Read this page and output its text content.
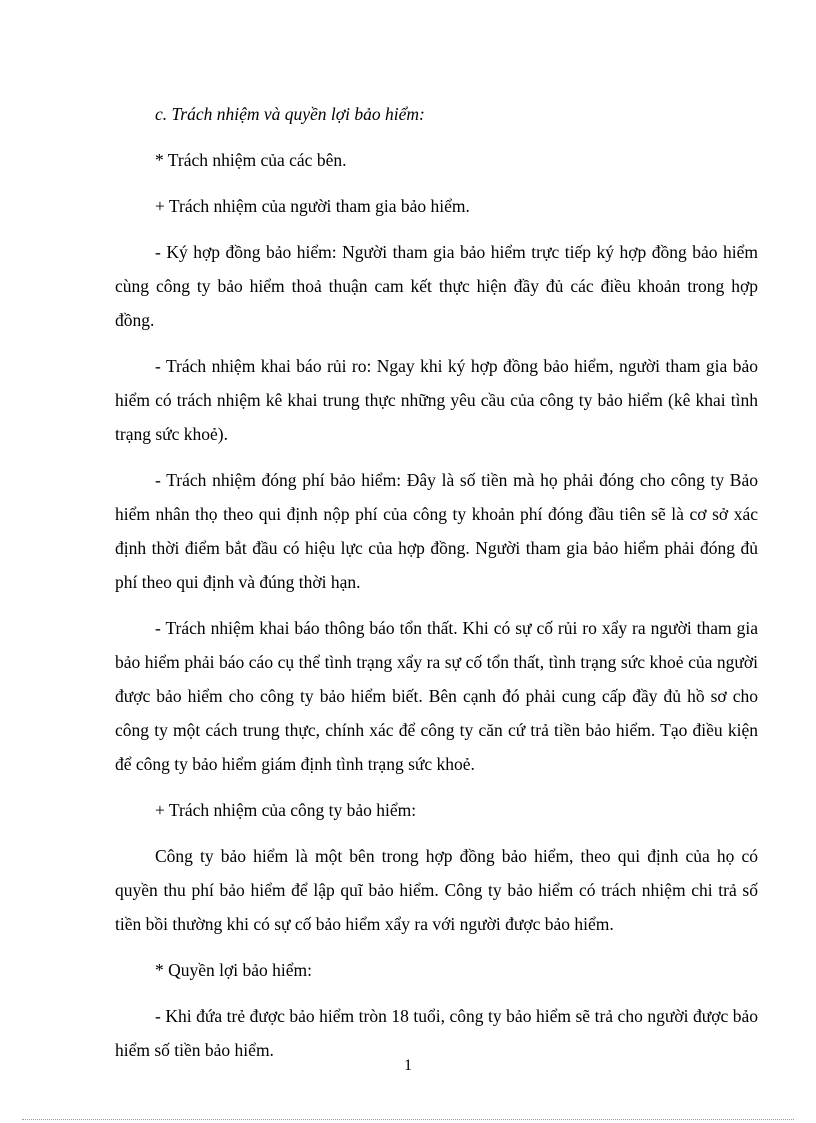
c. Trách nhiệm và quyền lợi bảo hiểm:

* Trách nhiệm của các bên.

+ Trách nhiệm của người tham gia bảo hiểm.

- Ký hợp đồng bảo hiểm: Người tham gia bảo hiểm trực tiếp ký hợp đồng bảo hiểm cùng công ty bảo hiểm thoả thuận cam kết thực hiện đầy đủ các điều khoản trong hợp đồng.

- Trách nhiệm khai báo rủi ro: Ngay khi ký hợp đồng bảo hiểm, người tham gia bảo hiểm có trách nhiệm kê khai trung thực những yêu cầu của công ty bảo hiểm (kê khai tình trạng sức khoẻ).

- Trách nhiệm đóng phí bảo hiểm: Đây là số tiền mà họ phải đóng cho công ty Bảo hiểm nhân thọ theo qui định nộp phí của công ty khoản phí đóng đầu tiên sẽ là cơ sở xác định thời điểm bắt đầu có hiệu lực của hợp đồng. Người tham gia bảo hiểm phải đóng đủ phí theo qui định và đúng thời hạn.

- Trách nhiệm khai báo thông báo tổn thất. Khi có sự cố rủi ro xẩy ra người tham gia bảo hiểm phải báo cáo cụ thể tình trạng xẩy ra sự cố tổn thất, tình trạng sức khoẻ của người được bảo hiểm cho công ty bảo hiểm biết. Bên cạnh đó phải cung cấp đầy đủ hồ sơ cho công ty một cách trung thực, chính xác để công ty căn cứ trả tiền bảo hiểm. Tạo điều kiện để công ty bảo hiểm giám định tình trạng sức khoẻ.

+ Trách nhiệm của công ty bảo hiểm:

Công ty bảo hiểm là một bên trong hợp đồng bảo hiểm, theo qui định của họ có quyền thu phí bảo hiểm để lập quĩ bảo hiểm. Công ty bảo hiểm có trách nhiệm chi trả số tiền bồi thường khi có sự cố bảo hiểm xẩy ra với người được bảo hiểm.

* Quyền lợi bảo hiểm:

- Khi đứa trẻ được bảo hiểm tròn 18 tuổi, công ty bảo hiểm sẽ trả cho người được bảo hiểm số tiền bảo hiểm.

1
